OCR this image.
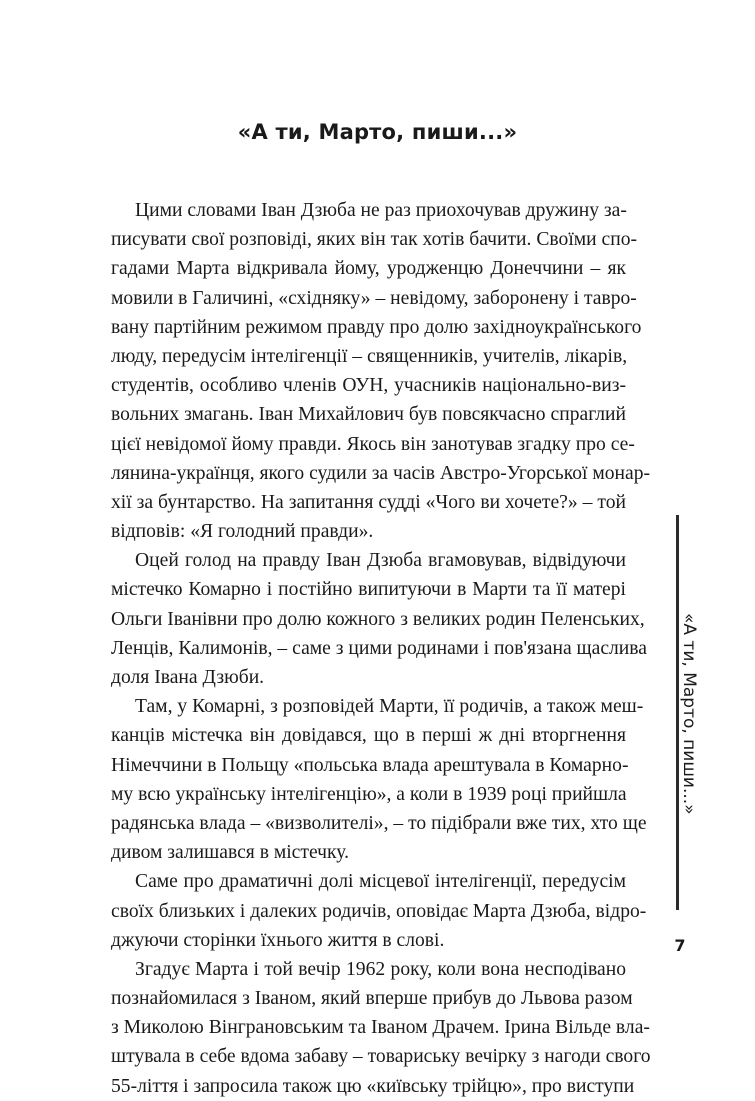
«А ти, Марто, пиши...»
Цими словами Іван Дзюба не раз приохочував дружину за-
писувати свої розповіді, яких він так хотів бачити. Своїми спо-
гадами Марта відкривала йому, уродженцю Донеччини – як
мовили в Галичині, «східняку» – невідому, заборонену і тавро-
вану партійним режимом правду про долю західноукраїнського
люду, передусім інтелігенції – священників, учителів, лікарів,
студентів, особливо членів ОУН, учасників національно-виз-
вольних змагань. Іван Михайлович був повсякчасно спраглий
цієї невідомої йому правди. Якось він занотував згадку про се-
лянина-українця, якого судили за часів Австро-Угорської монар-
хії за бунтарство. На запитання судді «Чого ви хочете?» – той
відповів: «Я голодний правди».
Оцей голод на правду Іван Дзюба вгамовував, відвідуючи
містечко Комарно і постійно випитуючи в Марти та її матері
Ольги Іванівни про долю кожного з великих родин Пеленських,
Ленців, Калимонів, – саме з цими родинами і пов'язана щаслива
доля Івана Дзюби.
Там, у Комарні, з розповідей Марти, її родичів, а також меш-
канців містечка він довідався, що в перші ж дні вторгнення
Німеччини в Польщу «польська влада арештувала в Комарно-
му всю українську інтелігенцію», а коли в 1939 році прийшла
радянська влада – «визволителі», – то підібрали вже тих, хто ще
дивом залишався в містечку.
Саме про драматичні долі місцевої інтелігенції, передусім
своїх близьких і далеких родичів, оповідає Марта Дзюба, відро-
джуючи сторінки їхнього життя в слові.
Згадує Марта і той вечір 1962 року, коли вона несподівано
познайомилася з Іваном, який вперше прибув до Львова разом
з Миколою Вінграновським та Іваном Драчем. Ірина Вільде вла-
штувала в себе вдома забаву – товариську вечірку з нагоди свого
55-ліття і запросила також цю «київську трійцю», про виступи
«А ти, Марто, пиши...»
7
